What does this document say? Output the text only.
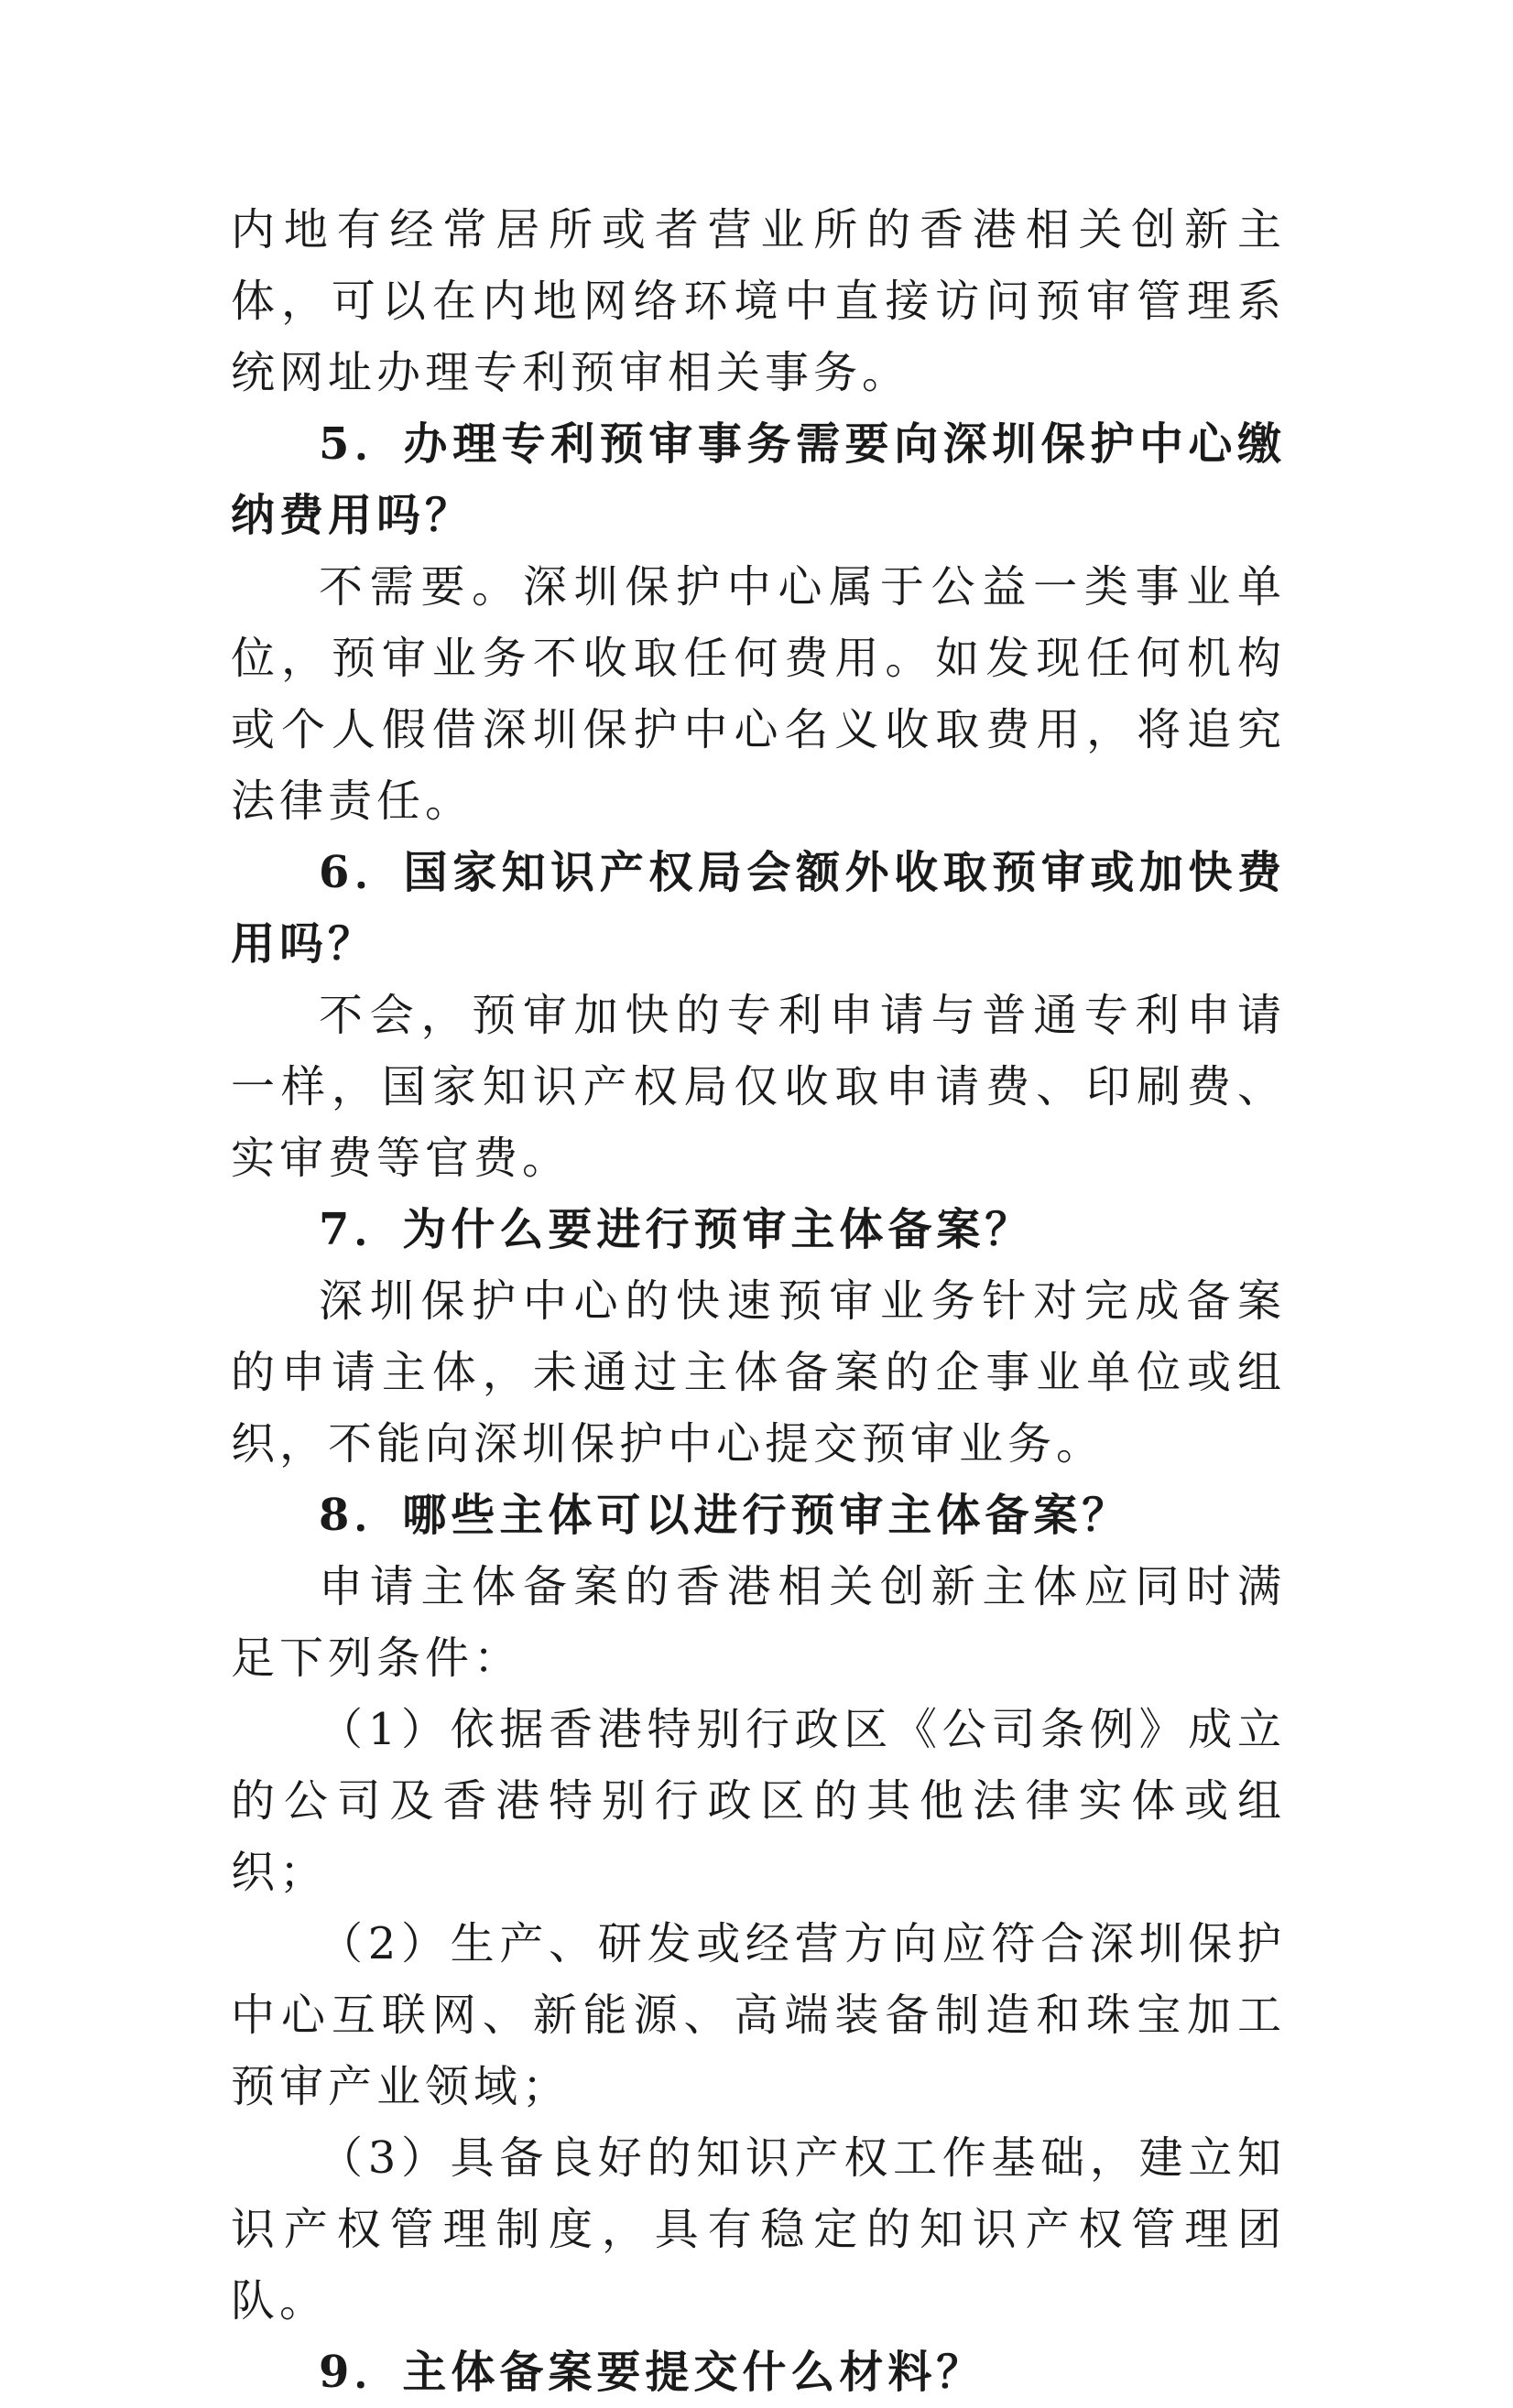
内地有经常居所或者营业所的香港相关创新主体，可以在内地网络环境中直接访问预审管理系统网址办理专利预审相关事务。

5．办理专利预审事务需要向深圳保护中心缴纳费用吗？

不需要。深圳保护中心属于公益一类事业单位，预审业务不收取任何费用。如发现任何机构或个人假借深圳保护中心名义收取费用，将追究法律责任。

6．国家知识产权局会额外收取预审或加快费用吗？

不会，预审加快的专利申请与普通专利申请一样，国家知识产权局仅收取申请费、印刷费、实审费等官费。

7．为什么要进行预审主体备案？

深圳保护中心的快速预审业务针对完成备案的申请主体，未通过主体备案的企事业单位或组织，不能向深圳保护中心提交预审业务。

8．哪些主体可以进行预审主体备案？

申请主体备案的香港相关创新主体应同时满足下列条件：

（1）依据香港特别行政区《公司条例》成立的公司及香港特别行政区的其他法律实体或组织；

（2）生产、研发或经营方向应符合深圳保护中心互联网、新能源、高端装备制造和珠宝加工预审产业领域；

（3）具备良好的知识产权工作基础，建立知识产权管理制度，具有稳定的知识产权管理团队。

9．主体备案要提交什么材料？
